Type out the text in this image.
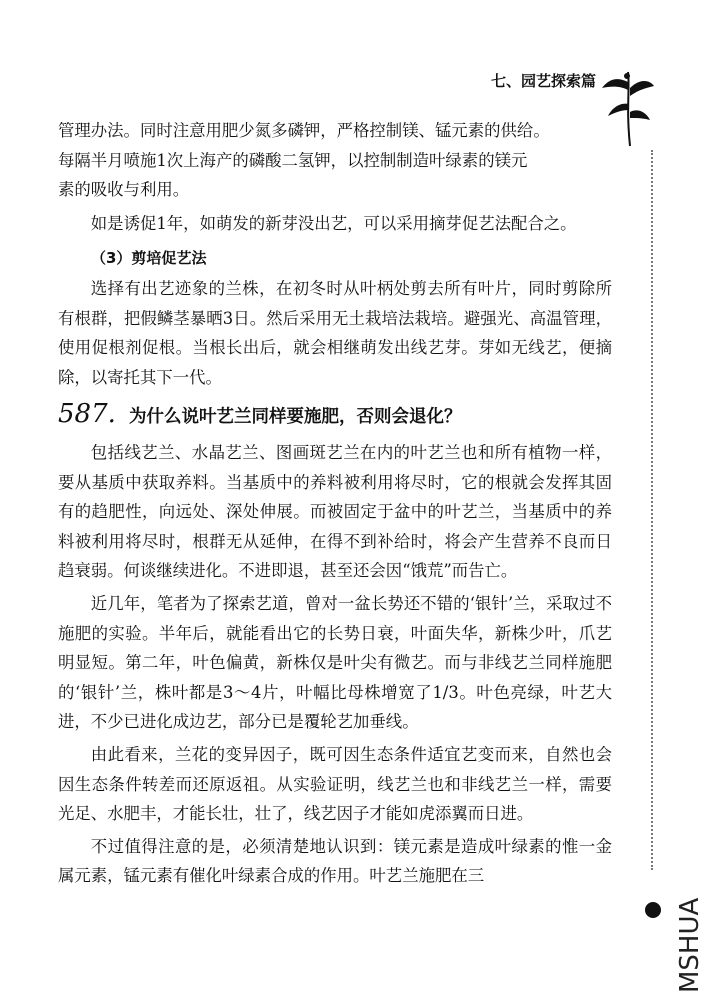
七、园艺探索篇
MSHUA

管理办法。同时注意用肥少氮多磷钾，严格控制镁、锰元素的供给。

每隔半月喷施1次上海产的磷酸二氢钾，以控制制造叶绿素的镁元

素的吸收与利用。

如是诱促1年，如萌发的新芽没出艺，可以采用摘芽促艺法配合之。

（3）剪培促艺法

选择有出艺迹象的兰株，在初冬时从叶柄处剪去所有叶片，同时剪除所有根群，把假鳞茎暴晒3日。然后采用无土栽培法栽培。避强光、高温管理，使用促根剂促根。当根长出后，就会相继萌发出线艺芽。芽如无线艺，便摘除，以寄托其下一代。

587. 为什么说叶艺兰同样要施肥，否则会退化？

包括线艺兰、水晶艺兰、图画斑艺兰在内的叶艺兰也和所有植物一样，要从基质中获取养料。当基质中的养料被利用将尽时，它的根就会发挥其固有的趋肥性，向远处、深处伸展。而被固定于盆中的叶艺兰，当基质中的养料被利用将尽时，根群无从延伸，在得不到补给时，将会产生营养不良而日趋衰弱。何谈继续进化。不进即退，甚至还会因“饿荒”而告亡。

近几年，笔者为了探索艺道，曾对一盆长势还不错的‘银针’兰，采取过不施肥的实验。半年后，就能看出它的长势日衰，叶面失华，新株少叶，爪艺明显短。第二年，叶色偏黄，新株仅是叶尖有微艺。而与非线艺兰同样施肥的‘银针’兰，株叶都是3～4片，叶幅比母株增宽了1/3。叶色亮绿，叶艺大进，不少已进化成边艺，部分已是覆轮艺加垂线。

由此看来，兰花的变异因子，既可因生态条件适宜艺变而来，自然也会因生态条件转差而还原返祖。从实验证明，线艺兰也和非线艺兰一样，需要光足、水肥丰，才能长壮，壮了，线艺因子才能如虎添翼而日进。

不过值得注意的是，必须清楚地认识到：镁元素是造成叶绿素的惟一金属元素，锰元素有催化叶绿素合成的作用。叶艺兰施肥在三
